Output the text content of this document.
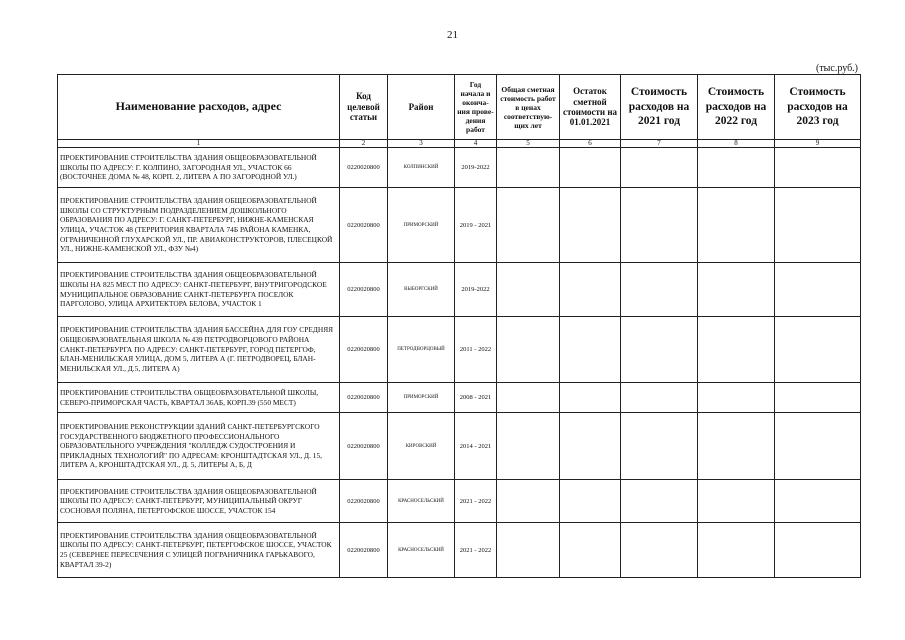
21
(тыс.руб.)
Наименование расходов, адрес	Код целевой статьи	Район	Год начала и оконча-ния прове-дения работ	Общая сметная стоимость работ в ценах соответствую-щих лет	Остаток сметной стоимости на 01.01.2021	Стоимость расходов на 2021 год	Стоимость расходов на 2022 год	Стоимость расходов на 2023 год
1	2	3	4	5	6	7	8	9
ПРОЕКТИРОВАНИЕ СТРОИТЕЛЬСТВА ЗДАНИЯ ОБЩЕОБРАЗОВАТЕЛЬНОЙ ШКОЛЫ ПО АДРЕСУ: Г. КОЛПИНО, ЗАГОРОДНАЯ УЛ., УЧАСТОК 66 (ВОСТОЧНЕЕ ДОМА № 48, КОРП. 2, ЛИТЕРА А ПО ЗАГОРОДНОЙ УЛ.)	0220020800	КОЛПИНСКИЙ	2019-2022					
ПРОЕКТИРОВАНИЕ СТРОИТЕЛЬСТВА ЗДАНИЯ ОБЩЕОБРАЗОВАТЕЛЬНОЙ ШКОЛЫ СО СТРУКТУРНЫМ ПОДРАЗДЕЛЕНИЕМ ДОШКОЛЬНОГО ОБРАЗОВАНИЯ ПО АДРЕСУ: Г. САНКТ-ПЕТЕРБУРГ, НИЖНЕ-КАМЕНСКАЯ УЛИЦА, УЧАСТОК 48 (ТЕРРИТОРИЯ КВАРТАЛА 74Б РАЙОНА КАМЕНКА, ОГРАНИЧЕННОЙ ГЛУХАРСКОЙ УЛ., ПР. АВИАКОНСТРУКТОРОВ, ПЛЕСЕЦКОЙ УЛ., НИЖНЕ-КАМЕНСКОЙ УЛ., ФЗУ №4)	0220020800	ПРИМОРСКИЙ	2019 - 2021					
ПРОЕКТИРОВАНИЕ СТРОИТЕЛЬСТВА ЗДАНИЯ ОБЩЕОБРАЗОВАТЕЛЬНОЙ ШКОЛЫ НА 825 МЕСТ ПО АДРЕСУ: САНКТ-ПЕТЕРБУРГ, ВНУТРИГОРОДСКОЕ МУНИЦИПАЛЬНОЕ ОБРАЗОВАНИЕ САНКТ-ПЕТЕРБУРГА ПОСЕЛОК ПАРГОЛОВО, УЛИЦА АРХИТЕКТОРА БЕЛОВА, УЧАСТОК 1	0220020800	ВЫБОРГСКИЙ	2019-2022					
ПРОЕКТИРОВАНИЕ СТРОИТЕЛЬСТВА ЗДАНИЯ БАССЕЙНА ДЛЯ ГОУ СРЕДНЯЯ ОБЩЕОБРАЗОВАТЕЛЬНАЯ ШКОЛА № 439 ПЕТРОДВОРЦОВОГО РАЙОНА САНКТ-ПЕТЕРБУРГА ПО АДРЕСУ: САНКТ-ПЕТЕРБУРГ, ГОРОД ПЕТЕРГОФ, БЛАН-МЕНИЛЬСКАЯ УЛИЦА, ДОМ 5, ЛИТЕРА А (Г. ПЕТРОДВОРЕЦ, БЛАН-МЕНИЛЬСКАЯ УЛ., Д.5, ЛИТЕРА А)	0220020800	ПЕТРОДВОРЦОВЫЙ	2011 - 2022					
ПРОЕКТИРОВАНИЕ СТРОИТЕЛЬСТВА ОБЩЕОБРАЗОВАТЕЛЬНОЙ ШКОЛЫ, СЕВЕРО-ПРИМОРСКАЯ ЧАСТЬ, КВАРТАЛ 36АБ, КОРП.39 (550 МЕСТ)	0220020800	ПРИМОРСКИЙ	2008 - 2021					
ПРОЕКТИРОВАНИЕ РЕКОНСТРУКЦИИ ЗДАНИЙ САНКТ-ПЕТЕРБУРГСКОГО ГОСУДАРСТВЕННОГО БЮДЖЕТНОГО ПРОФЕССИОНАЛЬНОГО ОБРАЗОВАТЕЛЬНОГО УЧРЕЖДЕНИЯ "КОЛЛЕДЖ СУДОСТРОЕНИЯ И ПРИКЛАДНЫХ ТЕХНОЛОГИЙ" ПО АДРЕСАМ: КРОНШТАДТСКАЯ УЛ., Д. 15, ЛИТЕРА А, КРОНШТАДТСКАЯ УЛ., Д. 5, ЛИТЕРЫ А, Б, Д	0220020800	КИРОВСКИЙ	2014 - 2021					
ПРОЕКТИРОВАНИЕ СТРОИТЕЛЬСТВА ЗДАНИЯ ОБЩЕОБРАЗОВАТЕЛЬНОЙ ШКОЛЫ ПО АДРЕСУ: САНКТ-ПЕТЕРБУРГ, МУНИЦИПАЛЬНЫЙ ОКРУГ СОСНОВАЯ ПОЛЯНА, ПЕТЕРГОФСКОЕ ШОССЕ, УЧАСТОК 154	0220020800	КРАСНОСЕЛЬСКИЙ	2021 - 2022					
ПРОЕКТИРОВАНИЕ СТРОИТЕЛЬСТВА ЗДАНИЯ ОБЩЕОБРАЗОВАТЕЛЬНОЙ ШКОЛЫ ПО АДРЕСУ: САНКТ-ПЕТЕРБУРГ, ПЕТЕРГОФСКОЕ ШОССЕ, УЧАСТОК 25 (СЕВЕРНЕЕ ПЕРЕСЕЧЕНИЯ С УЛИЦЕЙ ПОГРАНИЧНИКА ГАРЬКАВОГО, КВАРТАЛ 39-2)	0220020800	КРАСНОСЕЛЬСКИЙ	2021 - 2022					
